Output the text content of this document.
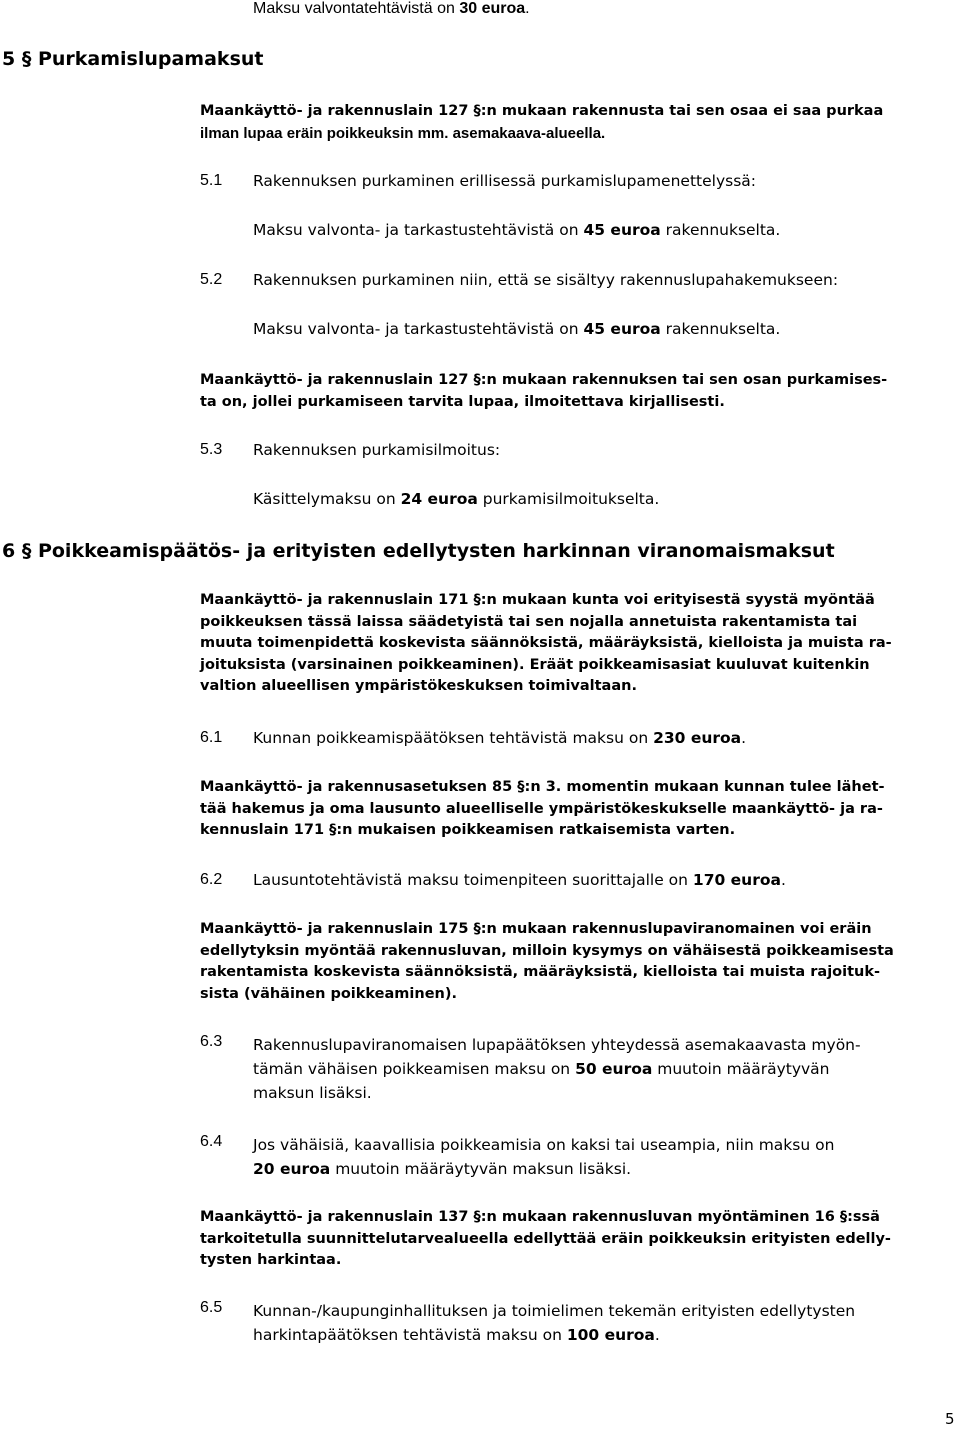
Maksu valvontatehtävistä on 30 euroa.
5 § Purkamislupamaksut
Maankäyttö- ja rakennuslain 127 §:n mukaan rakennusta tai sen osaa ei saa purkaa
ilman lupaa eräin poikkeuksin mm. asemakaava-alueella.
5.1 Rakennuksen purkaminen erillisessä purkamislupamenettelyssä:
Maksu valvonta- ja tarkastustehtävistä on 45 euroa rakennukselta.
5.2 Rakennuksen purkaminen niin, että se sisältyy rakennuslupahakemukseen:
Maksu valvonta- ja tarkastustehtävistä on 45 euroa rakennukselta.
Maankäyttö- ja rakennuslain 127 §:n mukaan rakennuksen tai sen osan purkamises-
ta on, jollei purkamiseen tarvita lupaa, ilmoitettava kirjallisesti.
5.3 Rakennuksen purkamisilmoitus:
Käsittelymaksu on 24 euroa purkamisilmoitukselta.
6 § Poikkeamispäätös- ja erityisten edellytysten harkinnan viranomaismaksut
Maankäyttö- ja rakennuslain 171 §:n mukaan kunta voi erityisestä syystä myöntää
poikkeuksen tässä laissa säädetyistä tai sen nojalla annetuista rakentamista tai
muuta toimenpidettä koskevista säännöksistä, määräyksistä, kielloista ja muista ra-
joituksista (varsinainen poikkeaminen). Eräät poikkeamisasiat kuuluvat kuitenkin
valtion alueellisen ympäristökeskuksen toimivaltaan.
6.1 Kunnan poikkeamispäätöksen tehtävistä maksu on 230 euroa.
Maankäyttö- ja rakennusasetuksen 85 §:n 3. momentin mukaan kunnan tulee lähet-
tää hakemus ja oma lausunto alueelliselle ympäristökeskukselle maankäyttö- ja ra-
kennuslain 171 §:n mukaisen poikkeamisen ratkaisemista varten.
6.2 Lausuntotehtävistä maksu toimenpiteen suorittajalle on 170 euroa.
Maankäyttö- ja rakennuslain 175 §:n mukaan rakennuslupaviranomainen voi eräin
edellytyksin myöntää rakennusluvan, milloin kysymys on vähäisestä poikkeamisesta
rakentamista koskevista säännöksistä, määräyksistä, kielloista tai muista rajoituk-
sista (vähäinen poikkeaminen).
6.3 Rakennuslupaviranomaisen lupapäätöksen yhteydessä asemakaavasta myön-
tämän vähäisen poikkeamisen maksu on 50 euroa muutoin määräytyvän
maksun lisäksi.
6.4 Jos vähäisiä, kaavallisia poikkeamisia on kaksi tai useampia, niin maksu on
20 euroa muutoin määräytyvän maksun lisäksi.
Maankäyttö- ja rakennuslain 137 §:n mukaan rakennusluvan myöntäminen 16 §:ssä
tarkoitetulla suunnittelutarvealueella edellyttää eräin poikkeuksin erityisten edelly-
tysten harkintaa.
6.5 Kunnan-/kaupunginhallituksen ja toimielimen tekemän erityisten edellytysten
harkintapäätöksen tehtävistä maksu on 100 euroa.
5
